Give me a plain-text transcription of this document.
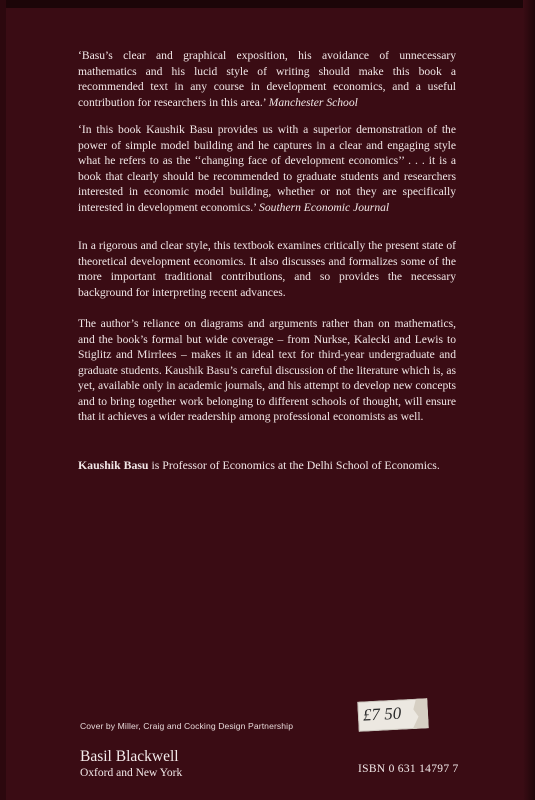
‘Basu’s clear and graphical exposition, his avoidance of unnecessary mathematics and his lucid style of writing should make this book a recommended text in any course in development economics, and a useful contribution for researchers in this area.’ Manchester School

‘In this book Kaushik Basu provides us with a superior demonstration of the power of simple model building and he captures in a clear and engaging style what he refers to as the ‘‘changing face of development economics’’ . . . it is a book that clearly should be recommended to graduate students and researchers interested in economic model building, whether or not they are specifically interested in development economics.’ Southern Economic Journal

In a rigorous and clear style, this textbook examines critically the present state of theoretical development economics. It also discusses and formalizes some of the more important traditional contributions, and so provides the necessary background for interpreting recent advances.

The author’s reliance on diagrams and arguments rather than on mathematics, and the book’s formal but wide coverage – from Nurkse, Kalecki and Lewis to Stiglitz and Mirrlees – makes it an ideal text for third-year undergraduate and graduate students. Kaushik Basu’s careful discussion of the literature which is, as yet, available only in academic journals, and his attempt to develop new concepts and to bring together work belonging to different schools of thought, will ensure that it achieves a wider readership among professional economists as well.

Kaushik Basu is Professor of Economics at the Delhi School of Economics.
Cover by Miller, Craig and Cocking Design Partnership
£7 50
Basil Blackwell
Oxford and New York	ISBN 0 631 14797 7
